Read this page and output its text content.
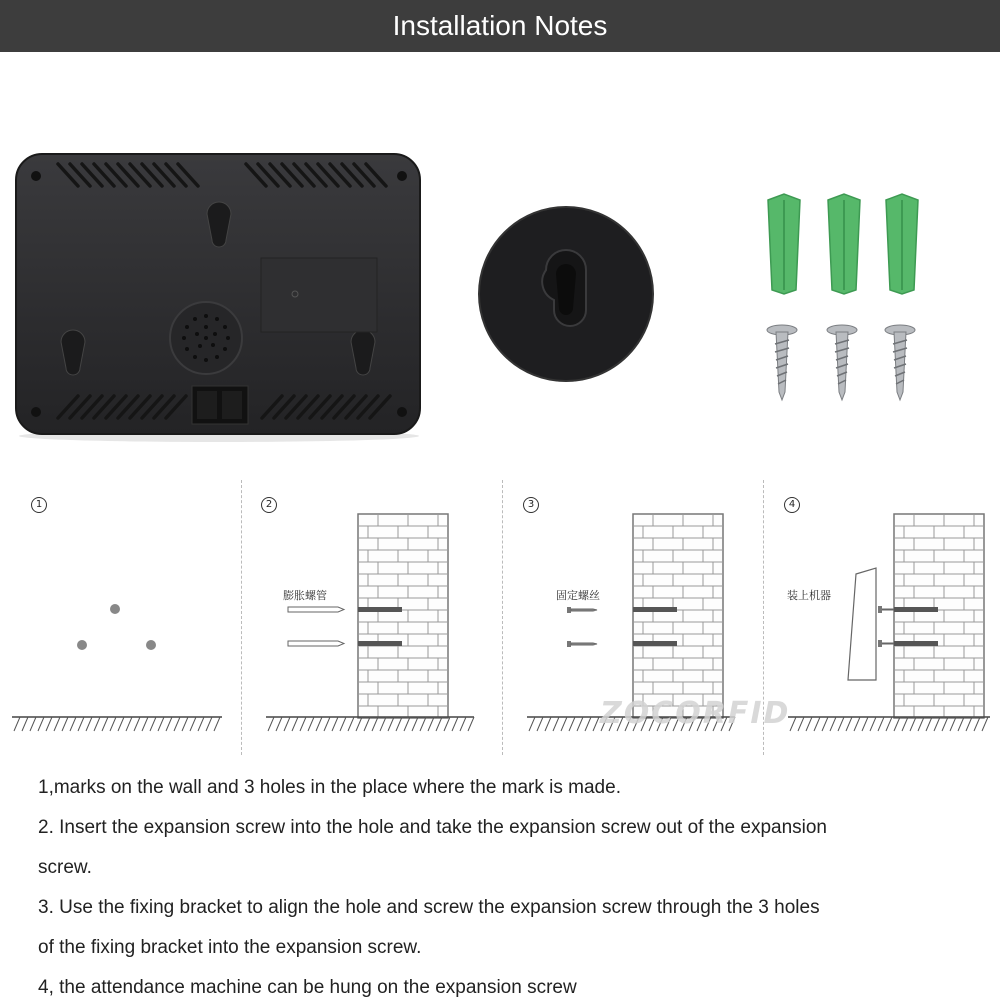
Installation Notes
1	2
膨胀螺管
3
固定螺丝
4
装上机器
ZOCORFID

1,marks on the wall and 3 holes in the place where the mark is made.

2. Insert the expansion screw into the hole and take the expansion screw out of the expansion

screw.

3. Use the fixing bracket to align the hole and screw the expansion screw through the 3 holes

of the fixing bracket into the expansion screw.

4, the attendance machine can be hung on the expansion screw
